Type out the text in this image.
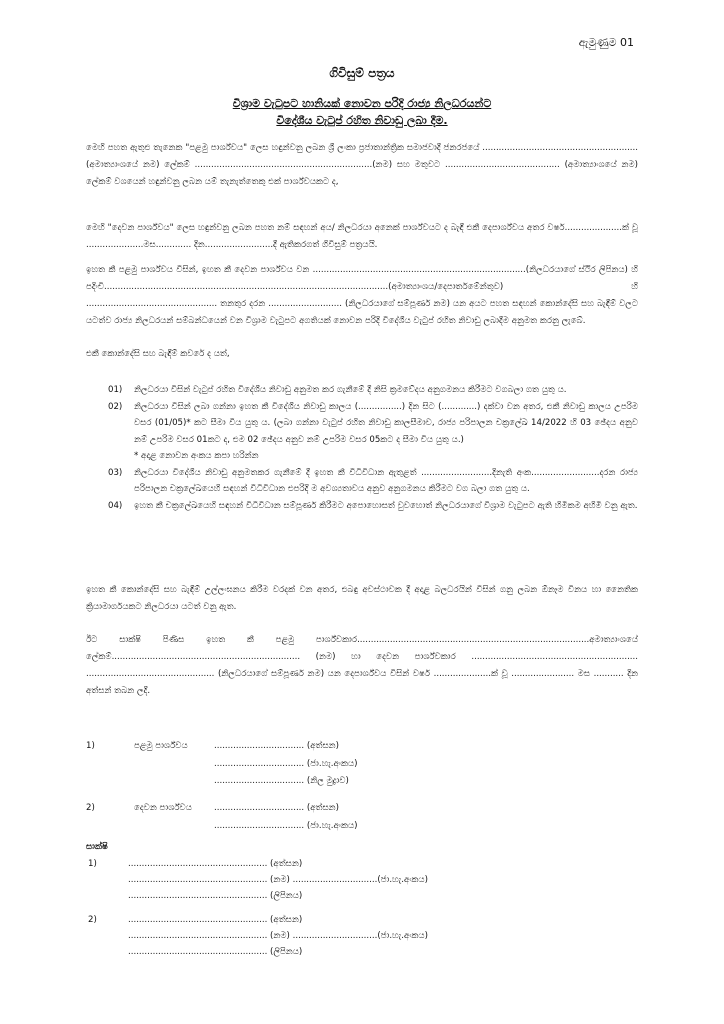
ඇමුණුම 01
ගිවිසුම් පත්‍රය
විශ්‍රාම වැටුපට හානියක් නොවන පරිදි රාජ්‍ය නිලධරයන්ට
විදේශීය වැටුප් රහිත නිවාඩු ලබා දීම.
මෙහි පහත ඇතුළු තැනෙක "පළමු පාර්ශ්වය" ලෙස හඳුන්වනු ලබන ශ්‍රී ලංකා ප්‍රජාතාන්ත්‍රික සමාජවාදී ජනරජයේ ......................................................... (අමාත්‍යාංශයේ නම) ලේකම් .................................................................(නම) සහ මතුවට .......................................... (අමාත්‍යාංශයේ නම) ලේකම් වශයෙන් හඳුන්වනු ලබන යම් තැනැත්තෙකු එක් පාර්ශ්වයකට ද,
මෙහි "දෙවන පාර්ශ්වය" ලෙස හඳුන්වනු ලබන පහත නම් සඳහන් අය/ නිලධරයා අනෙක් පාර්ශ්වයට ද බැඳී එකී දෙපාර්ශ්වය අතර වර්ෂ.....................ක් වූ .....................මස............. දින.........................දී ඇතිකරගත් ගිවිසුම් පත්‍රයයි.
ඉහත කී පළමු පාර්ශ්වය විසින්, ඉහත කී දෙවන පාර්ශ්වය වන ..............................................................................(නිලධරයාගේ ස්ථිර ලිපිනය) හි පදිංචි........................................................................................................(අමාත්‍යාංශය/දෙපාර්තමේන්තුව) හි ................................................ තනතුර දරන ........................... (නිලධරයාගේ සම්පූර්ණ නම) යන අයට පහත සඳහන් කොන්දේසි සහ බැඳීම් වලට යටත්ව රාජ්‍ය නිලධරයන් සම්බන්ධයෙන් වන විශ්‍රාම වැටුපට අගතියක් නොවන පරිදි විදේශීය වැටුප් රහිත නිවාඩු ලබාදීම අනුමත කරනු ලැබේ.
එකී කොන්දේසි සහ බැඳීම් කවරේ ද යත්,
01)	නිලධරයා විසින් වැටුප් රහිත විදේශීය නිවාඩු අනුමත කර ගැනීමේ දී නිසි ක්‍රමවේදය අනුගමනය කිරීමට වගබලා ගත යුතු ය.
02)	නිලධරයා විසින් ලබා ගන්නා ඉහත කී විදේශීය නිවාඩු කාලය (................) දින සිට (.............) දක්වා වන අතර, එකී නිවාඩු කාලය උපරිම වසර (01/05)* කට සීමා විය යුතු ය. (ලබා ගන්නා වැටුප් රහිත නිවාඩු කාලසීමාව, රාජ්‍ය පරිපාලන චක්‍රලේඛ 14/2022 හි 03 ඡේදය අනුව නම් උපරිම වසර 01කට ද, එම 02 ඡේදය අනුව නම් උපරිම වසර 05කට ද සීමා විය යුතු ය.)
* අදාළ නොවන අංකය කපා හරින්න
03)	නිලධරයා විදේශීය නිවාඩු අනුමතකර ගැනීමේ දී ඉහත කී විධිවිධාන ඇතුළත් ..........................දිනැති අංක.........................දරන රාජ්‍ය පරිපාලන චක්‍රලේඛයෙහි සඳහන් විධිවිධාන එපරිදි ම අවශ්‍යතාවය අනුව අනුගමනය කිරීමට වග බලා ගත යුතු ය.
04)	ඉහත කී චක්‍රලේඛයෙහි සඳහන් විධිවිධාන සම්පූර්ණ කිරීමට අපොහොසත් වුවහොත් නිලධරයාගේ විශ්‍රාම වැටුපට ඇති හිමිකම අහිමි වනු ඇත.
ඉහත කී කොන්දේසි සහ බැඳීම් උල්ලංඝනය කිරීම වරදක් වන අතර, එබඳු අවස්ථාවක දී අදාළ බලධරයින් විසින් ගනු ලබන ඕනෑම විනය හා නෛතික ක්‍රියාමාර්ගයකට නිලධරයා යටත් වනු ඇත.
ඊට සාක්ෂි පිණිස ඉහත කී පළමු පාර්ශ්වකාර.....................................................................................අමාත්‍යාංශයේ ලේකම්..................................................................... (නම) හා දෙවන පාර්ශ්වකාර ............................................................. ............................................... (නිලධරයාගේ සම්පූර්ණ නම) යන දෙපාර්ශ්වය විසින් වර්ෂ .....................ක් වූ ....................... මස ........... දින අත්සන් තබන ලදී.
1)	පළමු පාර්ශ්වය	................................. (අත්සන)
................................. (ජා.හැ.අංකය)
................................. (නිල මුද්‍රාව)
2)	දෙවන පාර්ශ්වය	................................. (අත්සන)
................................. (ජා.හැ.අංකය)
සාක්ෂි
1)	................................................... (අත්සන)
................................................... (නම) ...............................(ජා.හැ.අංකය)
................................................... (ලිපිනය)
2)	................................................... (අත්සන)
................................................... (නම) ...............................(ජා.හැ.අංකය)
................................................... (ලිපිනය)
